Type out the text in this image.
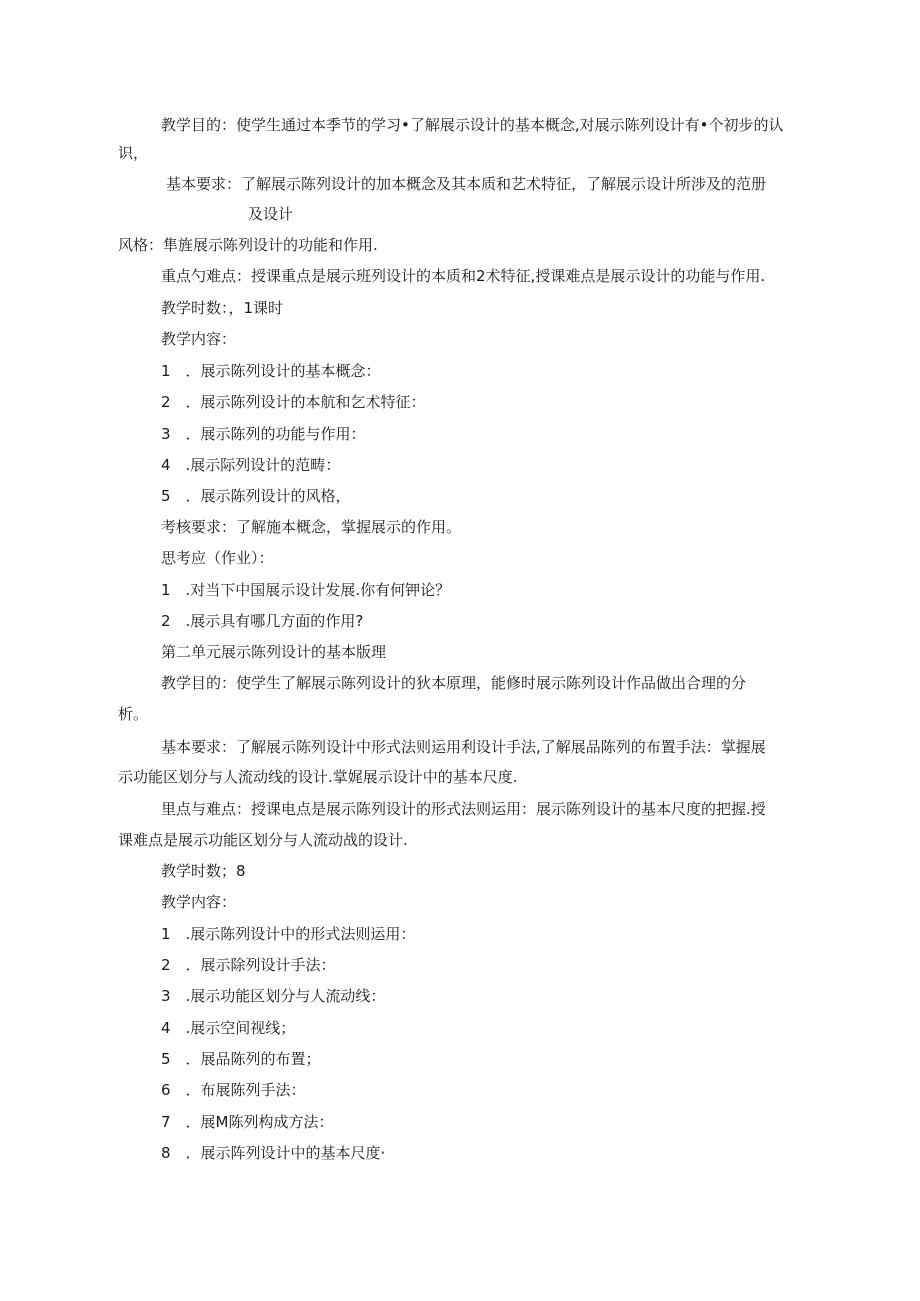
教学目的：使学生通过本季节的学习•了解展示设计的基本概念,对展示陈列设计有•个初步的认
识，
基本要求：了解展示陈列设计的加本概念及其本质和艺术特征，了解展示设计所涉及的范册
及设计
风格：隼旌展示陈列设计的功能和作用.
重点勺难点：授课重点是展示班列设计的本质和2术特征,授课难点是展示设计的功能与作用.
教学时数：，1课时
教学内容：
1　．展示陈列设计的基本概念：
2　．展示陈列设计的本航和乞术特征：
3　．展示陈列的功能与作用：
4　.展示际列设计的范畴：
5　．展示陈列设计的风格，
考核要求：了解施本概念，掌握展示的作用。
思考应（作业）：
1　.对当下中国展示设计发展.你有何钾论？
2　.展示具有哪几方面的作用?
第二单元展示陈列设计的基本版理
教学目的：使学生了解展示陈列设计的狄本原理，能修时展示陈列设计作品做出合理的分
析。
基本要求：了解展示陈列设计中形式法则运用利设计手法,了解展品陈列的布置手法：掌握展
示功能区划分与人流动线的设计.掌娓展示设计中的基本尺度.
里点与难点：授课电点是展示陈列设计的形式法则运用：展示陈列设计的基本尺度的把握.授
课难点是展示功能区划分与人流动战的设计.
教学时数；8
教学内容：
1　.展示陈列设计中的形式法则运用：
2　．展示除列设计手法：
3　.展示功能区划分与人流动线：
4　.展示空间视线；
5　．展品陈列的布置；
6　．布展陈列手法：
7　．展M陈列构成方法：
8　．展示阵列设计中的基本尺度·
